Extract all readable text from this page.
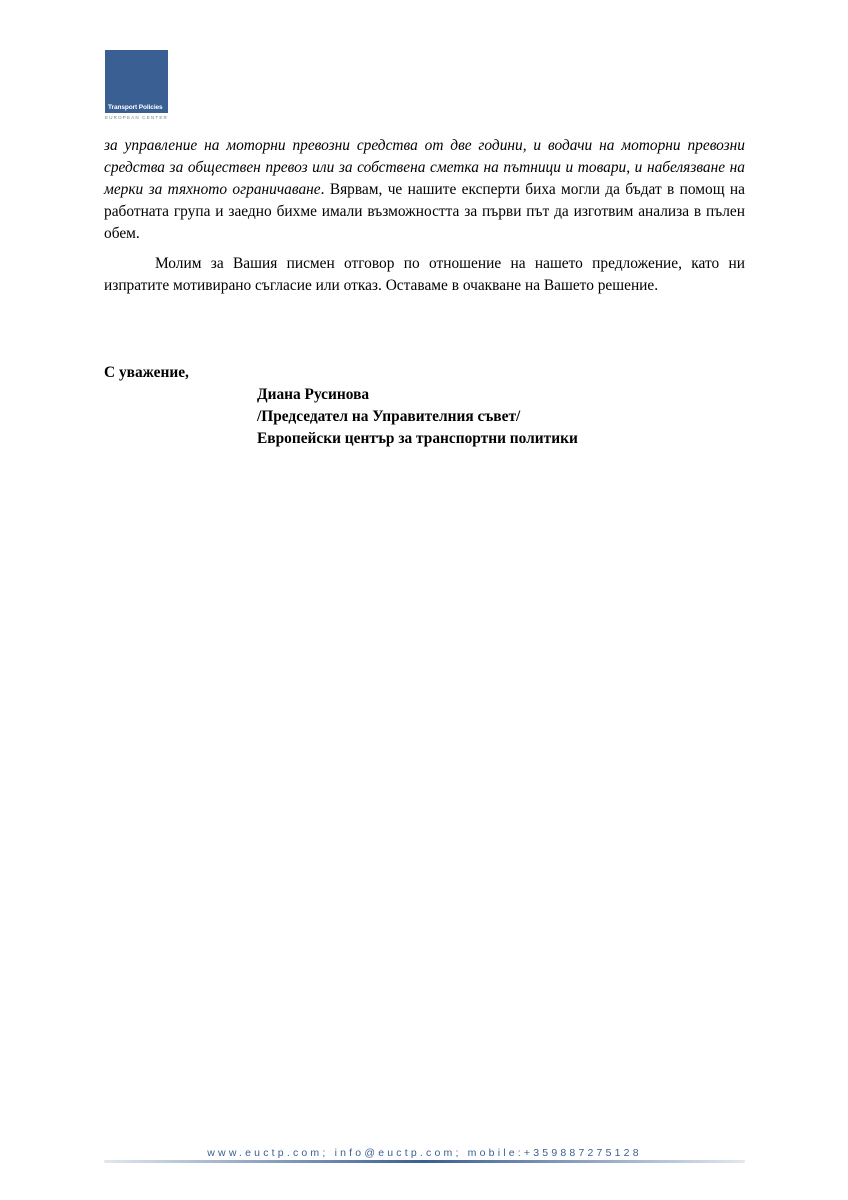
Transport Policies
EUROPEAN CENTER

за управление на моторни превозни средства от две години, и водачи на моторни превозни средства за обществен превоз или за собствена сметка на пътници и товари, и набелязване на мерки за тяхното ограничаване. Вярвам, че нашите експерти биха могли да бъдат в помощ на работната група и заедно бихме имали възможността за първи път да изготвим анализа в пълен обем.

Молим за Вашия писмен отговор по отношение на нашето предложение, като ни изпратите мотивирано съгласие или отказ. Оставаме в очакване на Вашето решение.

С уважение,
Диана Русинова
/Председател на Управителния съвет/
Европейски център за транспортни политики
www.euctp.com; info@euctp.com; mobile:+359887275128
